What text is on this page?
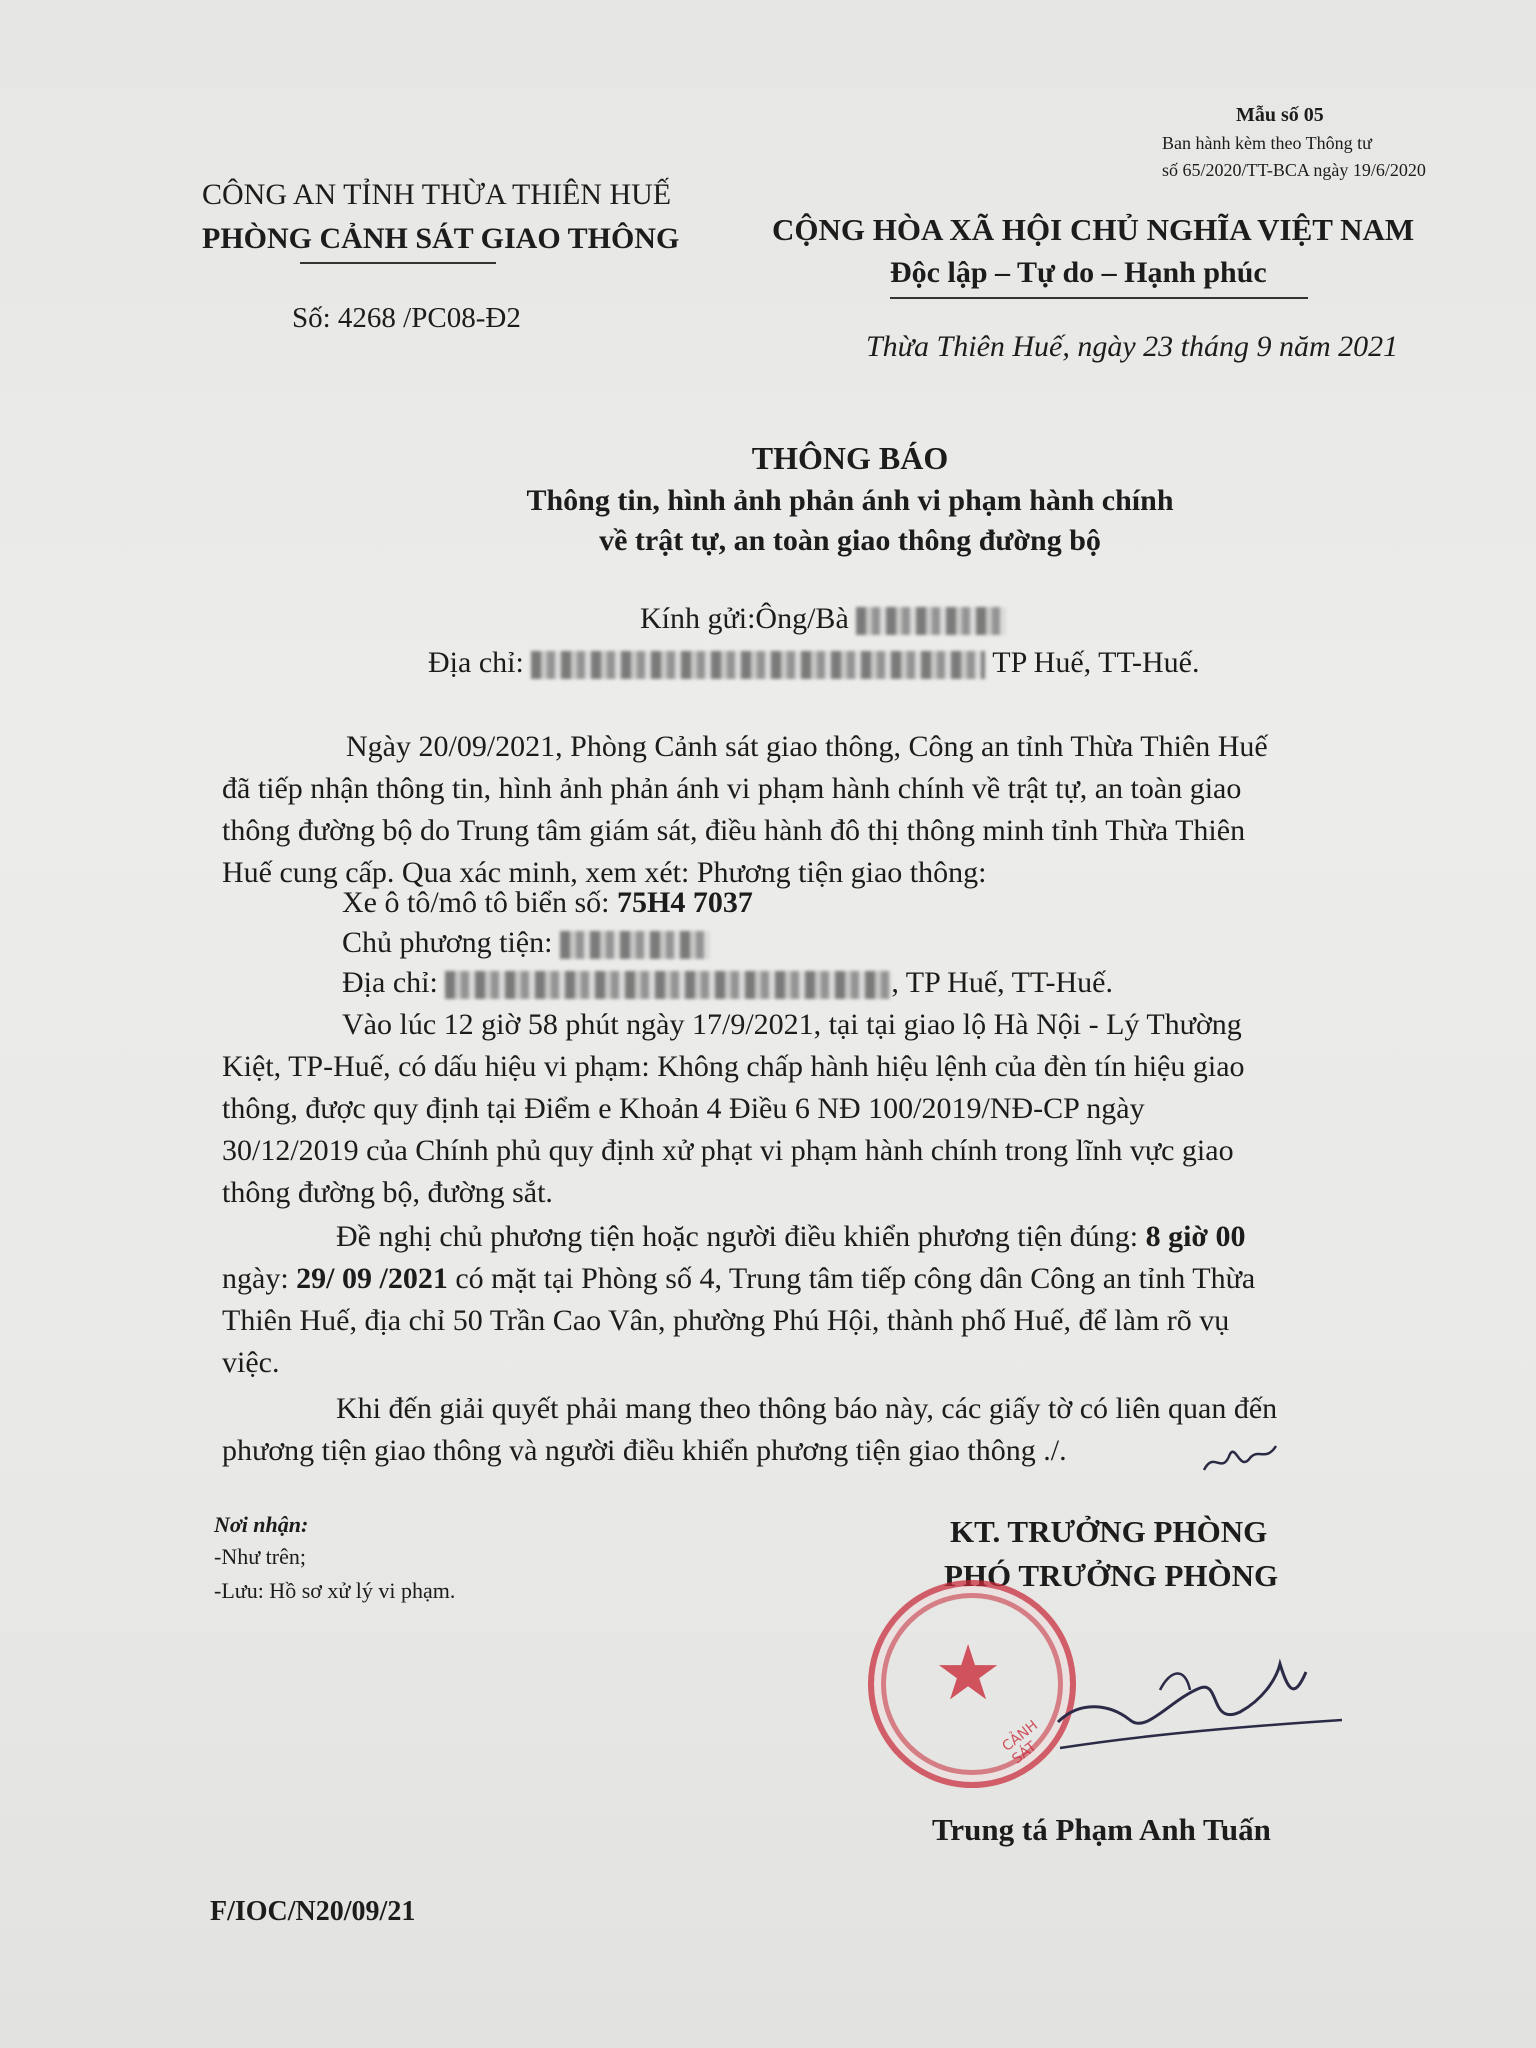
Mẫu số 05
Ban hành kèm theo Thông tư
số 65/2020/TT-BCA ngày 19/6/2020
CÔNG AN TỈNH THỪA THIÊN HUẾ
PHÒNG CẢNH SÁT GIAO THÔNG
Số: 4268 /PC08-Đ2
CỘNG HÒA XÃ HỘI CHỦ NGHĨA VIỆT NAM
Độc lập – Tự do – Hạnh phúc
Thừa Thiên Huế, ngày 23 tháng 9 năm 2021
THÔNG BÁO
Thông tin, hình ảnh phản ánh vi phạm hành chính
về trật tự, an toàn giao thông đường bộ
Kính gửi:Ông/Bà
Địa chỉ:	TP Huế, TT-Huế.
Ngày 20/09/2021, Phòng Cảnh sát giao thông, Công an tỉnh Thừa Thiên Huế
đã tiếp nhận thông tin, hình ảnh phản ánh vi phạm hành chính về trật tự, an toàn giao
thông đường bộ do Trung tâm giám sát, điều hành đô thị thông minh tỉnh Thừa Thiên
Huế cung cấp. Qua xác minh, xem xét: Phương tiện giao thông:
Xe ô tô/mô tô biển số: 75H4 7037
Chủ phương tiện:
Địa chỉ:	, TP Huế, TT-Huế.
Vào lúc 12 giờ 58 phút ngày 17/9/2021, tại tại giao lộ Hà Nội - Lý Thường
Kiệt, TP-Huế, có dấu hiệu vi phạm: Không chấp hành hiệu lệnh của đèn tín hiệu giao
thông, được quy định tại Điểm e Khoản 4 Điều 6 NĐ 100/2019/NĐ-CP ngày
30/12/2019 của Chính phủ quy định xử phạt vi phạm hành chính trong lĩnh vực giao
thông đường bộ, đường sắt.
Đề nghị chủ phương tiện hoặc người điều khiển phương tiện đúng: 8 giờ 00
ngày: 29/ 09 /2021 có mặt tại Phòng số 4, Trung tâm tiếp công dân Công an tỉnh Thừa
Thiên Huế, địa chỉ 50 Trần Cao Vân, phường Phú Hội, thành phố Huế, để làm rõ vụ
việc.
Khi đến giải quyết phải mang theo thông báo này, các giấy tờ có liên quan đến
phương tiện giao thông và người điều khiển phương tiện giao thông ./.
Nơi nhận:
-Như trên;
-Lưu: Hồ sơ xử lý vi phạm.
KT. TRƯỞNG PHÒNG
PHÓ TRƯỞNG PHÒNG
★
CẢNH SÁT
Trung tá Phạm Anh Tuấn
F/IOC/N20/09/21
